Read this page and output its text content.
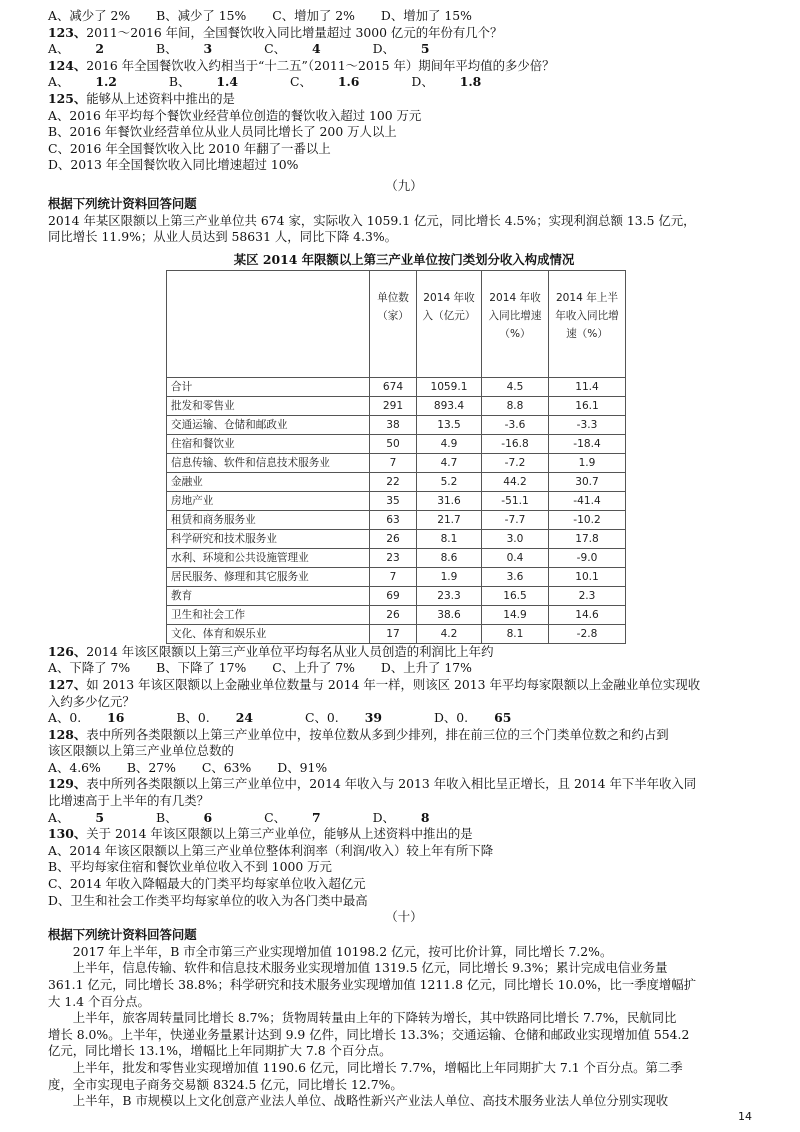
A、减少了 2% B、减少了 15% C、增加了 2% D、增加了 15%
123、2011～2016 年间，全国餐饮收入同比增量超过 3000 亿元的年份有几个？
A、 2	B、 3	C、 4	D、 5
124、2016 年全国餐饮收入约相当于“十二五”（2011～2015 年）期间年平均值的多少倍？
A、 1.2	B、 1.4	C、 1.6	D、 1.8
125、能够从上述资料中推出的是
A、2016 年平均每个餐饮业经营单位创造的餐饮收入超过 100 万元
B、2016 年餐饮业经营单位从业人员同比增长了 200 万人以上
C、2016 年全国餐饮收入比 2010 年翻了一番以上
D、2013 年全国餐饮收入同比增速超过 10%
（九）
根据下列统计资料回答问题
2014 年某区限额以上第三产业单位共 674 家，实际收入 1059.1 亿元，同比增长 4.5%；实现利润总额 13.5 亿元，
同比增长 11.9%；从业人员达到 58631 人，同比下降 4.3%。
某区 2014 年限额以上第三产业单位按门类划分收入构成情况
	单位数（家）	2014 年收入（亿元）	2014 年收入同比增速（%）	2014 年上半年收入同比增速（%）
合计	674	1059.1	4.5	11.4
批发和零售业	291	893.4	8.8	16.1
交通运输、仓储和邮政业	38	13.5	-3.6	-3.3
住宿和餐饮业	50	4.9	-16.8	-18.4
信息传输、软件和信息技术服务业	7	4.7	-7.2	1.9
金融业	22	5.2	44.2	30.7
房地产业	35	31.6	-51.1	-41.4
租赁和商务服务业	63	21.7	-7.7	-10.2
科学研究和技术服务业	26	8.1	3.0	17.8
水利、环境和公共设施管理业	23	8.6	0.4	-9.0
居民服务、修理和其它服务业	7	1.9	3.6	10.1
教育	69	23.3	16.5	2.3
卫生和社会工作	26	38.6	14.9	14.6
文化、体育和娱乐业	17	4.2	8.1	-2.8
126、2014 年该区限额以上第三产业单位平均每名从业人员创造的利润比上年约
A、下降了 7% B、下降了 17% C、上升了 7% D、上升了 17%
127、如 2013 年该区限额以上金融业单位数量与 2014 年一样，则该区 2013 年平均每家限额以上金融业单位实现收
入约多少亿元？
A、0. 16	B、0. 24	C、0. 39	D、0. 65
128、表中所列各类限额以上第三产业单位中，按单位数从多到少排列，排在前三位的三个门类单位数之和约占到
该区限额以上第三产业单位总数的
A、4.6% B、27% C、63% D、91%
129、表中所列各类限额以上第三产业单位中，2014 年收入与 2013 年收入相比呈正增长，且 2014 年下半年收入同
比增速高于上半年的有几类？
A、 5	B、 6	C、 7	D、 8
130、关于 2014 年该区限额以上第三产业单位，能够从上述资料中推出的是
A、2014 年该区限额以上第三产业单位整体利润率（利润/收入）较上年有所下降
B、平均每家住宿和餐饮业单位收入不到 1000 万元
C、2014 年收入降幅最大的门类平均每家单位收入超亿元
D、卫生和社会工作类平均每家单位的收入为各门类中最高
（十）
根据下列统计资料回答问题
2017 年上半年，B 市全市第三产业实现增加值 10198.2 亿元，按可比价计算，同比增长 7.2%。
上半年，信息传输、软件和信息技术服务业实现增加值 1319.5 亿元，同比增长 9.3%；累计完成电信业务量
361.1 亿元，同比增长 38.8%；科学研究和技术服务业实现增加值 1211.8 亿元，同比增长 10.0%，比一季度增幅扩
大 1.4 个百分点。
上半年，旅客周转量同比增长 8.7%；货物周转量由上年的下降转为增长，其中铁路同比增长 7.7%，民航同比
增长 8.0%。上半年，快递业务量累计达到 9.9 亿件，同比增长 13.3%；交通运输、仓储和邮政业实现增加值 554.2
亿元，同比增长 13.1%，增幅比上年同期扩大 7.8 个百分点。
上半年，批发和零售业实现增加值 1190.6 亿元，同比增长 7.7%，增幅比上年同期扩大 7.1 个百分点。第二季
度，全市实现电子商务交易额 8324.5 亿元，同比增长 12.7%。
上半年，B 市规模以上文化创意产业法人单位、战略性新兴产业法人单位、高技术服务业法人单位分别实现收
14
